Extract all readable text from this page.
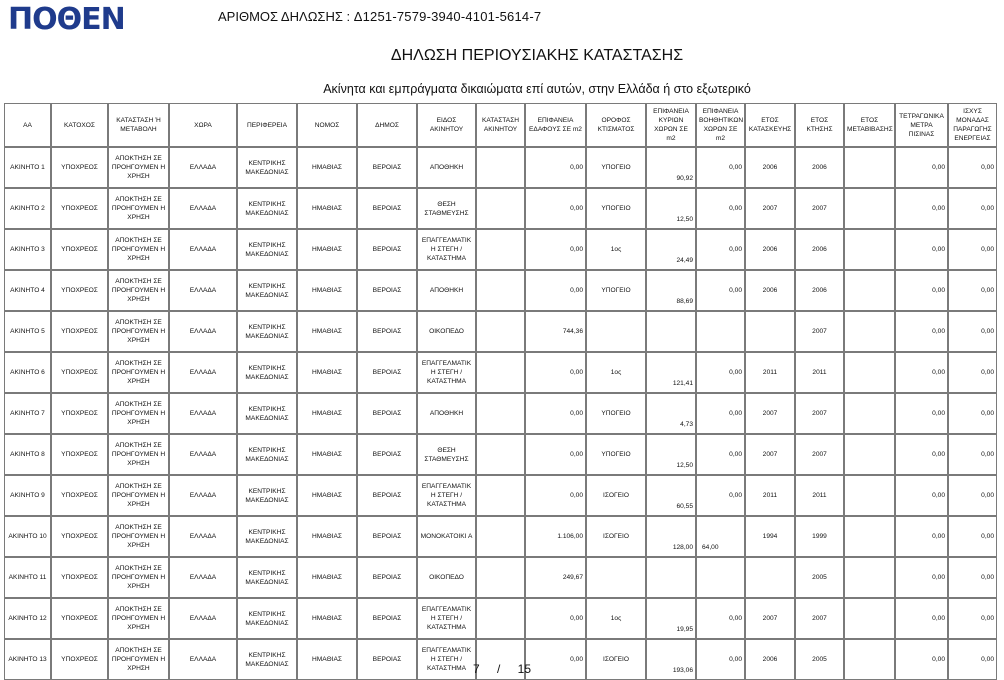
ΠΟΘΕΝ	ΑΡΙΘΜΟΣ ΔΗΛΩΣΗΣ : Δ1251-7579-3940-4101-5614-7
ΔΗΛΩΣΗ ΠΕΡΙΟΥΣΙΑΚΗΣ ΚΑΤΑΣΤΑΣΗΣ
Ακίνητα και εμπράγματα δικαιώματα επί αυτών, στην Ελλάδα ή στο εξωτερικό
ΑΑ	ΚΑΤΟΧΟΣ	ΚΑΤΑΣΤΑΣΗ Ή ΜΕΤΑΒΟΛΗ	ΧΩΡΑ	ΠΕΡΙΦΕΡΕΙΑ	ΝΟΜΟΣ	ΔΗΜΟΣ	ΕΙΔΟΣ ΑΚΙΝΗΤΟΥ	ΚΑΤΑΣΤΑΣΗ ΑΚΙΝΗΤΟΥ	ΕΠΙΦΑΝΕΙΑ ΕΔΑΦΟΥΣ ΣΕ m2	ΟΡΟΦΟΣ ΚΤΙΣΜΑΤΟΣ	ΕΠΙΦΑΝΕΙΑ ΚΥΡΙΩΝ ΧΩΡΩΝ ΣΕ m2	ΕΠΙΦΑΝΕΙΑ ΒΟΗΘΗΤΙΚΩΝ ΧΩΡΩΝ ΣΕ m2	ΕΤΟΣ ΚΑΤΑΣΚΕΥΗΣ	ΕΤΟΣ ΚΤΗΣΗΣ	ΕΤΟΣ ΜΕΤΑΒΙΒΑΣΗΣ	ΤΕΤΡΑΓΩΝΙΚΑ ΜΕΤΡΑ ΠΙΣΙΝΑΣ	ΙΣΧΥΣ ΜΟΝΑΔΑΣ ΠΑΡΑΓΩΓΗΣ ΕΝΕΡΓΕΙΑΣ
ΑΚΙΝΗΤΟ 1	ΥΠΟΧΡΕΟΣ	ΑΠΟΚΤΗΣΗ ΣΕ ΠΡΟΗΓΟΥΜΕΝ Η ΧΡΗΣΗ	ΕΛΛΑΔΑ	ΚΕΝΤΡΙΚΗΣ ΜΑΚΕΔΟΝΙΑΣ	ΗΜΑΘΙΑΣ	ΒΕΡΟΙΑΣ	ΑΠΟΘΗΚΗ		0,00	ΥΠΟΓΕΙΟ	90,92	0,00	2006	2006		0,00	0,00
ΑΚΙΝΗΤΟ 2	ΥΠΟΧΡΕΟΣ	ΑΠΟΚΤΗΣΗ ΣΕ ΠΡΟΗΓΟΥΜΕΝ Η ΧΡΗΣΗ	ΕΛΛΑΔΑ	ΚΕΝΤΡΙΚΗΣ ΜΑΚΕΔΟΝΙΑΣ	ΗΜΑΘΙΑΣ	ΒΕΡΟΙΑΣ	ΘΕΣΗ ΣΤΑΘΜΕΥΣΗΣ		0,00	ΥΠΟΓΕΙΟ	12,50	0,00	2007	2007		0,00	0,00
ΑΚΙΝΗΤΟ 3	ΥΠΟΧΡΕΟΣ	ΑΠΟΚΤΗΣΗ ΣΕ ΠΡΟΗΓΟΥΜΕΝ Η ΧΡΗΣΗ	ΕΛΛΑΔΑ	ΚΕΝΤΡΙΚΗΣ ΜΑΚΕΔΟΝΙΑΣ	ΗΜΑΘΙΑΣ	ΒΕΡΟΙΑΣ	ΕΠΑΓΓΕΛΜΑΤΙΚ Η ΣΤΕΓΗ / ΚΑΤΑΣΤΗΜΑ		0,00	1ος	24,49	0,00	2006	2006		0,00	0,00
ΑΚΙΝΗΤΟ 4	ΥΠΟΧΡΕΟΣ	ΑΠΟΚΤΗΣΗ ΣΕ ΠΡΟΗΓΟΥΜΕΝ Η ΧΡΗΣΗ	ΕΛΛΑΔΑ	ΚΕΝΤΡΙΚΗΣ ΜΑΚΕΔΟΝΙΑΣ	ΗΜΑΘΙΑΣ	ΒΕΡΟΙΑΣ	ΑΠΟΘΗΚΗ		0,00	ΥΠΟΓΕΙΟ	88,69	0,00	2006	2006		0,00	0,00
ΑΚΙΝΗΤΟ 5	ΥΠΟΧΡΕΟΣ	ΑΠΟΚΤΗΣΗ ΣΕ ΠΡΟΗΓΟΥΜΕΝ Η ΧΡΗΣΗ	ΕΛΛΑΔΑ	ΚΕΝΤΡΙΚΗΣ ΜΑΚΕΔΟΝΙΑΣ	ΗΜΑΘΙΑΣ	ΒΕΡΟΙΑΣ	ΟΙΚΟΠΕΔΟ		744,36					2007		0,00	0,00
ΑΚΙΝΗΤΟ 6	ΥΠΟΧΡΕΟΣ	ΑΠΟΚΤΗΣΗ ΣΕ ΠΡΟΗΓΟΥΜΕΝ Η ΧΡΗΣΗ	ΕΛΛΑΔΑ	ΚΕΝΤΡΙΚΗΣ ΜΑΚΕΔΟΝΙΑΣ	ΗΜΑΘΙΑΣ	ΒΕΡΟΙΑΣ	ΕΠΑΓΓΕΛΜΑΤΙΚ Η ΣΤΕΓΗ / ΚΑΤΑΣΤΗΜΑ		0,00	1ος	121,41	0,00	2011	2011		0,00	0,00
ΑΚΙΝΗΤΟ 7	ΥΠΟΧΡΕΟΣ	ΑΠΟΚΤΗΣΗ ΣΕ ΠΡΟΗΓΟΥΜΕΝ Η ΧΡΗΣΗ	ΕΛΛΑΔΑ	ΚΕΝΤΡΙΚΗΣ ΜΑΚΕΔΟΝΙΑΣ	ΗΜΑΘΙΑΣ	ΒΕΡΟΙΑΣ	ΑΠΟΘΗΚΗ		0,00	ΥΠΟΓΕΙΟ	4,73	0,00	2007	2007		0,00	0,00
ΑΚΙΝΗΤΟ 8	ΥΠΟΧΡΕΟΣ	ΑΠΟΚΤΗΣΗ ΣΕ ΠΡΟΗΓΟΥΜΕΝ Η ΧΡΗΣΗ	ΕΛΛΑΔΑ	ΚΕΝΤΡΙΚΗΣ ΜΑΚΕΔΟΝΙΑΣ	ΗΜΑΘΙΑΣ	ΒΕΡΟΙΑΣ	ΘΕΣΗ ΣΤΑΘΜΕΥΣΗΣ		0,00	ΥΠΟΓΕΙΟ	12,50	0,00	2007	2007		0,00	0,00
ΑΚΙΝΗΤΟ 9	ΥΠΟΧΡΕΟΣ	ΑΠΟΚΤΗΣΗ ΣΕ ΠΡΟΗΓΟΥΜΕΝ Η ΧΡΗΣΗ	ΕΛΛΑΔΑ	ΚΕΝΤΡΙΚΗΣ ΜΑΚΕΔΟΝΙΑΣ	ΗΜΑΘΙΑΣ	ΒΕΡΟΙΑΣ	ΕΠΑΓΓΕΛΜΑΤΙΚ Η ΣΤΕΓΗ / ΚΑΤΑΣΤΗΜΑ		0,00	ΙΣΟΓΕΙΟ	60,55	0,00	2011	2011		0,00	0,00
ΑΚΙΝΗΤΟ 10	ΥΠΟΧΡΕΟΣ	ΑΠΟΚΤΗΣΗ ΣΕ ΠΡΟΗΓΟΥΜΕΝ Η ΧΡΗΣΗ	ΕΛΛΑΔΑ	ΚΕΝΤΡΙΚΗΣ ΜΑΚΕΔΟΝΙΑΣ	ΗΜΑΘΙΑΣ	ΒΕΡΟΙΑΣ	ΜΟΝΟΚΑΤΟΙΚΙ Α		1.106,00	ΙΣΟΓΕΙΟ	128,00	64,00	1994	1999		0,00	0,00
ΑΚΙΝΗΤΟ 11	ΥΠΟΧΡΕΟΣ	ΑΠΟΚΤΗΣΗ ΣΕ ΠΡΟΗΓΟΥΜΕΝ Η ΧΡΗΣΗ	ΕΛΛΑΔΑ	ΚΕΝΤΡΙΚΗΣ ΜΑΚΕΔΟΝΙΑΣ	ΗΜΑΘΙΑΣ	ΒΕΡΟΙΑΣ	ΟΙΚΟΠΕΔΟ		249,67					2005		0,00	0,00
ΑΚΙΝΗΤΟ 12	ΥΠΟΧΡΕΟΣ	ΑΠΟΚΤΗΣΗ ΣΕ ΠΡΟΗΓΟΥΜΕΝ Η ΧΡΗΣΗ	ΕΛΛΑΔΑ	ΚΕΝΤΡΙΚΗΣ ΜΑΚΕΔΟΝΙΑΣ	ΗΜΑΘΙΑΣ	ΒΕΡΟΙΑΣ	ΕΠΑΓΓΕΛΜΑΤΙΚ Η ΣΤΕΓΗ / ΚΑΤΑΣΤΗΜΑ		0,00	1ος	19,95	0,00	2007	2007		0,00	0,00
ΑΚΙΝΗΤΟ 13	ΥΠΟΧΡΕΟΣ	ΑΠΟΚΤΗΣΗ ΣΕ ΠΡΟΗΓΟΥΜΕΝ Η ΧΡΗΣΗ	ΕΛΛΑΔΑ	ΚΕΝΤΡΙΚΗΣ ΜΑΚΕΔΟΝΙΑΣ	ΗΜΑΘΙΑΣ	ΒΕΡΟΙΑΣ	ΕΠΑΓΓΕΛΜΑΤΙΚ Η ΣΤΕΓΗ / ΚΑΤΑΣΤΗΜΑ		0,00	ΙΣΟΓΕΙΟ	193,06	0,00	2006	2005		0,00	0,00
7 / 15
